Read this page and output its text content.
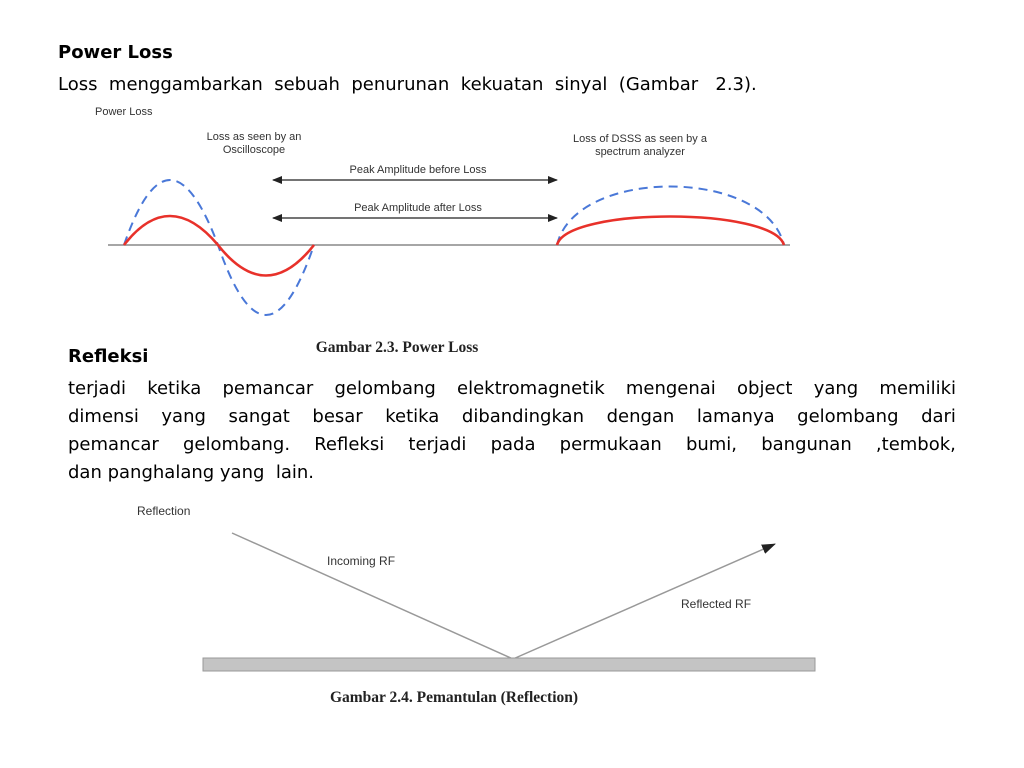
Power Loss
Loss  menggambarkan  sebuah  penurunan  kekuatan  sinyal  (Gambar   2.3).
Power Loss
Loss as seen by an
Oscilloscope
Loss of DSSS as seen by a
spectrum analyzer
Peak Amplitude before Loss
Peak Amplitude after Loss
Gambar 2.3. Power Loss
Refleksi
terjadi ketika pemancar gelombang elektromagnetik mengenai object yang memiliki
dimensi yang sangat besar ketika dibandingkan dengan lamanya gelombang dari
pemancar gelombang. Refleksi terjadi pada permukaan bumi, bangunan ,tembok,
dan panghalang yang  lain.
Reflection
Incoming RF
Reflected RF
Gambar 2.4. Pemantulan (Reflection)
